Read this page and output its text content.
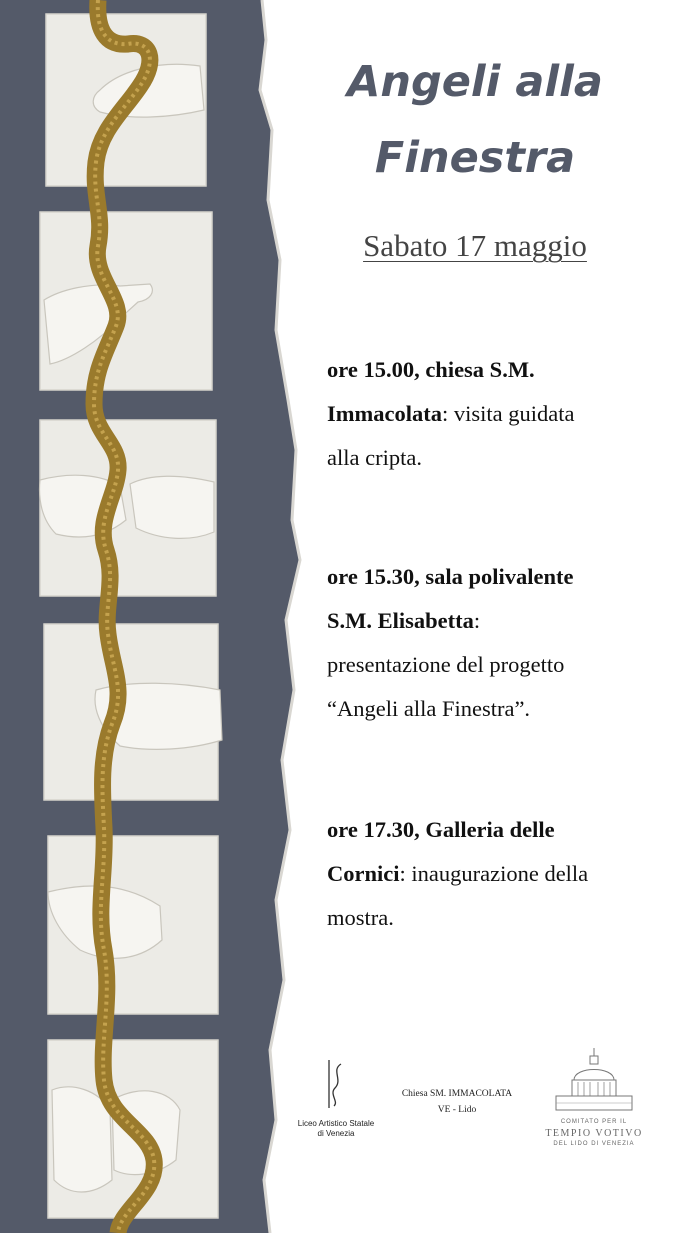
Angeli alla
Finestra
Sabato 17 maggio
ore 15.00, chiesa S.M.
Immacolata: visita guidata
alla cripta.
ore 15.30, sala polivalente
S.M. Elisabetta:
presentazione del progetto
“Angeli alla Finestra”.
ore 17.30, Galleria delle
Cornici: inaugurazione della
mostra.
Liceo Artistico Statale
di Venezia
Chiesa SM. IMMACOLATA
VE - Lido
COMITATO PER IL
TEMPIO VOTIVO
DEL LIDO DI VENEZIA
